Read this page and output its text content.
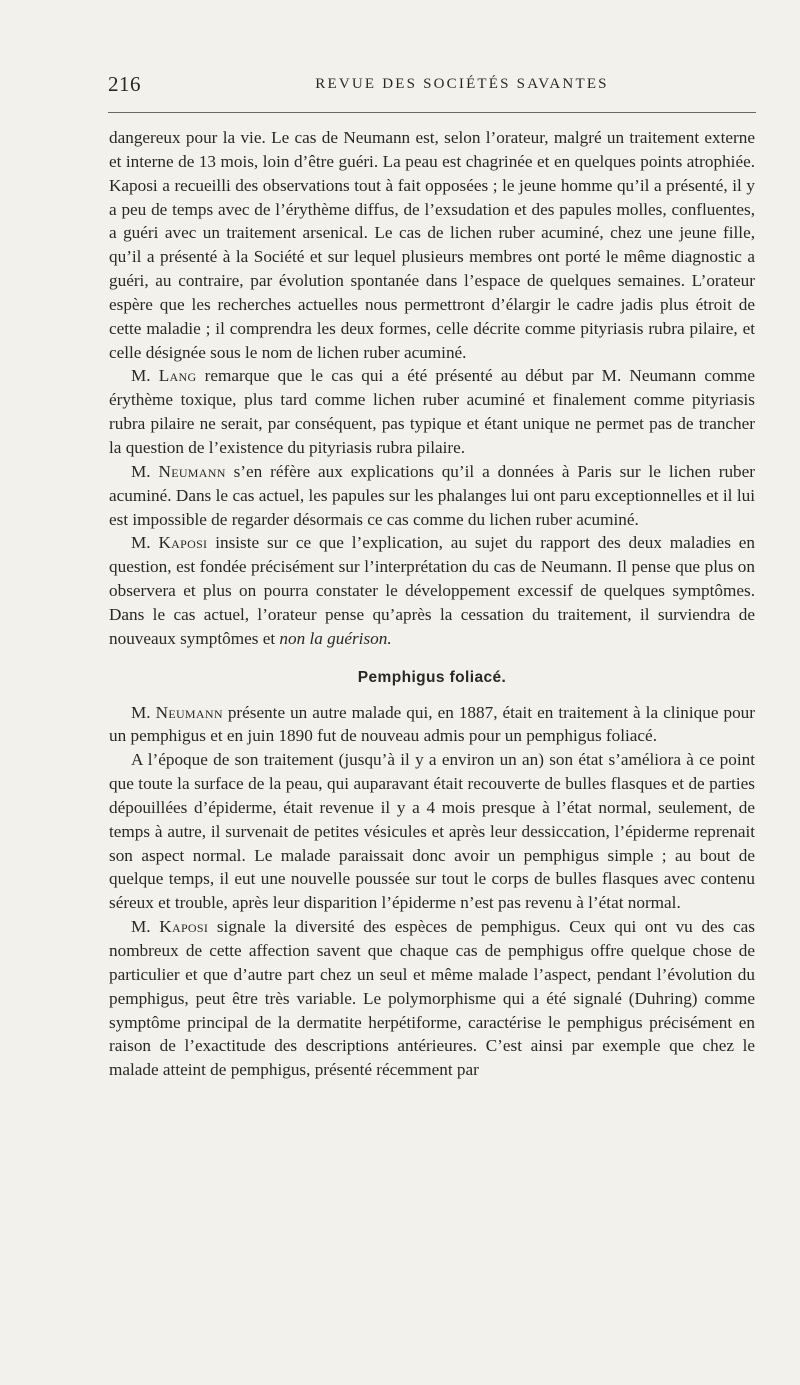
216	REVUE DES SOCIÉTÉS SAVANTES

dangereux pour la vie. Le cas de Neumann est, selon l’orateur, malgré un traitement externe et interne de 13 mois, loin d’être guéri. La peau est chagrinée et en quelques points atrophiée. Kaposi a recueilli des observations tout à fait opposées ; le jeune homme qu’il a présenté, il y a peu de temps avec de l’érythème diffus, de l’exsudation et des papules molles, confluentes, a guéri avec un traitement arsenical. Le cas de lichen ruber acuminé, chez une jeune fille, qu’il a présenté à la Société et sur lequel plusieurs membres ont porté le même diagnostic a guéri, au contraire, par évolution spontanée dans l’espace de quelques semaines. L’orateur espère que les recherches actuelles nous permettront d’élargir le cadre jadis plus étroit de cette maladie ; il comprendra les deux formes, celle décrite comme pityriasis rubra pilaire, et celle désignée sous le nom de lichen ruber acuminé.

M. Lang remarque que le cas qui a été présenté au début par M. Neumann comme érythème toxique, plus tard comme lichen ruber acuminé et finalement comme pityriasis rubra pilaire ne serait, par conséquent, pas typique et étant unique ne permet pas de trancher la question de l’existence du pityriasis rubra pilaire.

M. Neumann s’en réfère aux explications qu’il a données à Paris sur le lichen ruber acuminé. Dans le cas actuel, les papules sur les phalanges lui ont paru exceptionnelles et il lui est impossible de regarder désormais ce cas comme du lichen ruber acuminé.

M. Kaposi insiste sur ce que l’explication, au sujet du rapport des deux maladies en question, est fondée précisément sur l’interprétation du cas de Neumann. Il pense que plus on observera et plus on pourra constater le développement excessif de quelques symptômes. Dans le cas actuel, l’orateur pense qu’après la cessation du traitement, il surviendra de nouveaux symptômes et non la guérison.

Pemphigus foliacé.

M. Neumann présente un autre malade qui, en 1887, était en traitement à la clinique pour un pemphigus et en juin 1890 fut de nouveau admis pour un pemphigus foliacé.

A l’époque de son traitement (jusqu’à il y a environ un an) son état s’améliora à ce point que toute la surface de la peau, qui auparavant était recouverte de bulles flasques et de parties dépouillées d’épiderme, était revenue il y a 4 mois presque à l’état normal, seulement, de temps à autre, il survenait de petites vésicules et après leur dessiccation, l’épiderme reprenait son aspect normal. Le malade paraissait donc avoir un pemphigus simple ; au bout de quelque temps, il eut une nouvelle poussée sur tout le corps de bulles flasques avec contenu séreux et trouble, après leur disparition l’épiderme n’est pas revenu à l’état normal.

M. Kaposi signale la diversité des espèces de pemphigus. Ceux qui ont vu des cas nombreux de cette affection savent que chaque cas de pemphigus offre quelque chose de particulier et que d’autre part chez un seul et même malade l’aspect, pendant l’évolution du pemphigus, peut être très variable. Le polymorphisme qui a été signalé (Duhring) comme symptôme principal de la dermatite herpétiforme, caractérise le pemphigus précisément en raison de l’exactitude des descriptions antérieures. C’est ainsi par exemple que chez le malade atteint de pemphigus, présenté récemment par
